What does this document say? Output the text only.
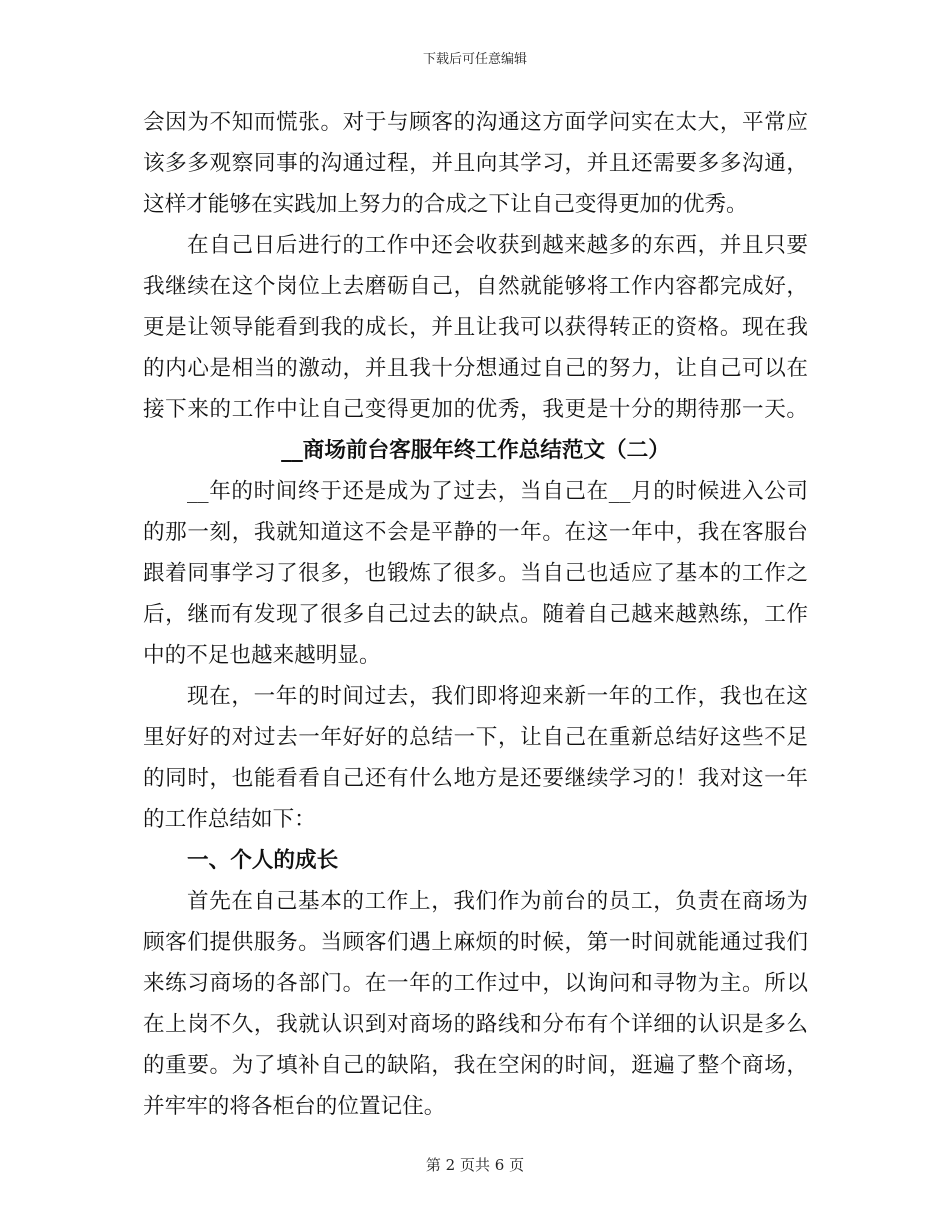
下载后可任意编辑
会因为不知而慌张。对于与顾客的沟通这方面学问实在太大，平常应
该多多观察同事的沟通过程，并且向其学习，并且还需要多多沟通，
这样才能够在实践加上努力的合成之下让自己变得更加的优秀。
在自己日后进行的工作中还会收获到越来越多的东西，并且只要
我继续在这个岗位上去磨砺自己，自然就能够将工作内容都完成好，
更是让领导能看到我的成长，并且让我可以获得转正的资格。现在我
的内心是相当的激动，并且我十分想通过自己的努力，让自己可以在
接下来的工作中让自己变得更加的优秀，我更是十分的期待那一天。
__商场前台客服年终工作总结范文（二）
__年的时间终于还是成为了过去，当自己在__月的时候进入公司
的那一刻，我就知道这不会是平静的一年。在这一年中，我在客服台
跟着同事学习了很多，也锻炼了很多。当自己也适应了基本的工作之
后，继而有发现了很多自己过去的缺点。随着自己越来越熟练，工作
中的不足也越来越明显。
现在，一年的时间过去，我们即将迎来新一年的工作，我也在这
里好好的对过去一年好好的总结一下，让自己在重新总结好这些不足
的同时，也能看看自己还有什么地方是还要继续学习的！我对这一年
的工作总结如下：
一、个人的成长
首先在自己基本的工作上，我们作为前台的员工，负责在商场为
顾客们提供服务。当顾客们遇上麻烦的时候，第一时间就能通过我们
来练习商场的各部门。在一年的工作过中，以询问和寻物为主。所以
在上岗不久，我就认识到对商场的路线和分布有个详细的认识是多么
的重要。为了填补自己的缺陷，我在空闲的时间，逛遍了整个商场，
并牢牢的将各柜台的位置记住。
第 2 页共 6 页
